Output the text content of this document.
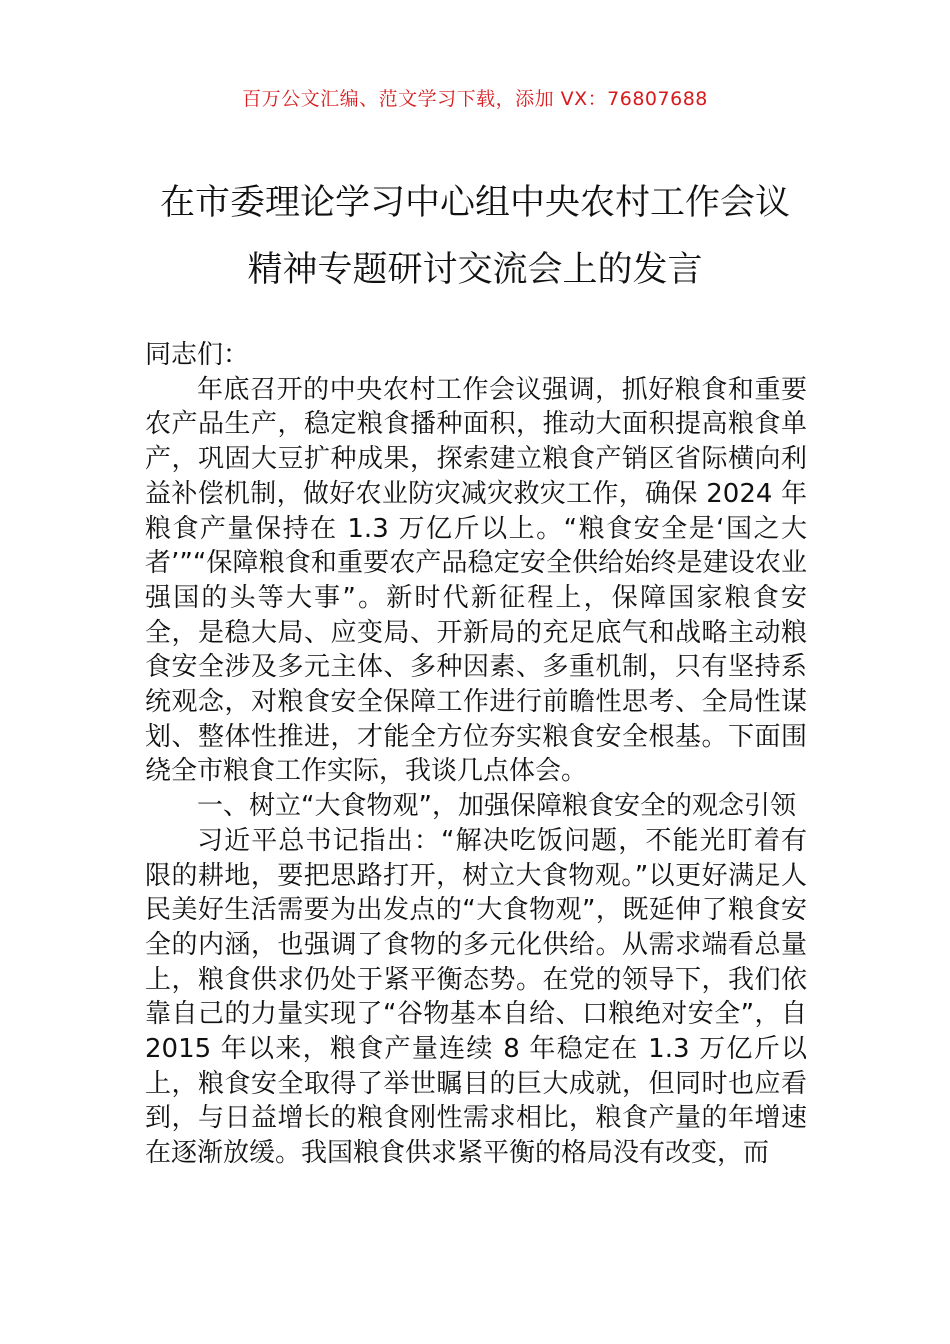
百万公文汇编、范文学习下载，添加 VX：76807688
在市委理论学习中心组中央农村工作会议
精神专题研讨交流会上的发言

同志们：

年底召开的中央农村工作会议强调，抓好粮食和重要农产品生产，稳定粮食播种面积，推动大面积提高粮食单产，巩固大豆扩种成果，探索建立粮食产销区省际横向利益补偿机制，做好农业防灾减灾救灾工作，确保 2024 年粮食产量保持在 1.3 万亿斤以上。“粮食安全是‘国之大者’”“保障粮食和重要农产品稳定安全供给始终是建设农业强国的头等大事”。新时代新征程上，保障国家粮食安全，是稳大局、应变局、开新局的充足底气和战略主动粮食安全涉及多元主体、多种因素、多重机制，只有坚持系统观念，对粮食安全保障工作进行前瞻性思考、全局性谋划、整体性推进，才能全方位夯实粮食安全根基。下面围绕全市粮食工作实际，我谈几点体会。

一、树立“大食物观”，加强保障粮食安全的观念引领

习近平总书记指出：“解决吃饭问题，不能光盯着有限的耕地，要把思路打开，树立大食物观。”以更好满足人民美好生活需要为出发点的“大食物观”，既延伸了粮食安全的内涵，也强调了食物的多元化供给。从需求端看总量上，粮食供求仍处于紧平衡态势。在党的领导下，我们依靠自己的力量实现了“谷物基本自给、口粮绝对安全”，自 2015 年以来，粮食产量连续 8 年稳定在 1.3 万亿斤以上，粮食安全取得了举世瞩目的巨大成就，但同时也应看到，与日益增长的粮食刚性需求相比，粮食产量的年增速在逐渐放缓。我国粮食供求紧平衡的格局没有改变，而
